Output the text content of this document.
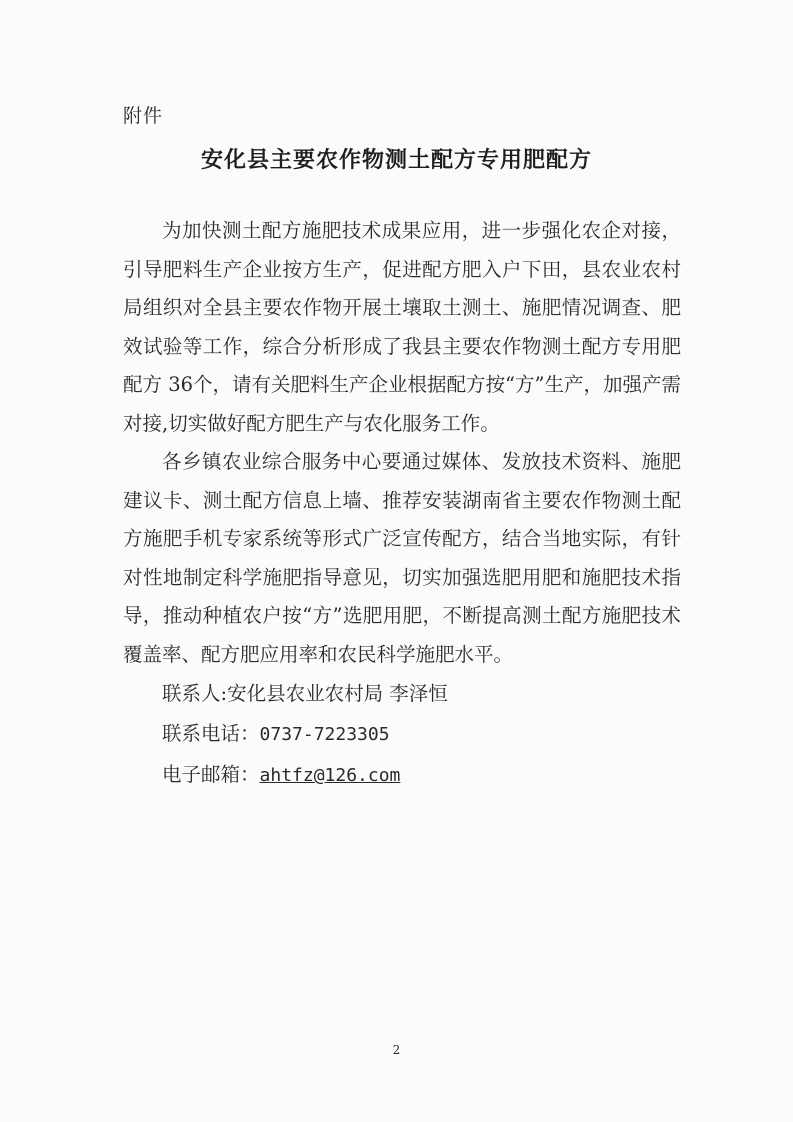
附件
安化县主要农作物测土配方专用肥配方

为加快测土配方施肥技术成果应用，进一步强化农企对接，引导肥料生产企业按方生产，促进配方肥入户下田，县农业农村局组织对全县主要农作物开展土壤取土测土、施肥情况调查、肥效试验等工作，综合分析形成了我县主要农作物测土配方专用肥配方 36个，请有关肥料生产企业根据配方按“方”生产，加强产需对接,切实做好配方肥生产与农化服务工作。

各乡镇农业综合服务中心要通过媒体、发放技术资料、施肥建议卡、测土配方信息上墙、推荐安装湖南省主要农作物测土配方施肥手机专家系统等形式广泛宣传配方，结合当地实际，有针对性地制定科学施肥指导意见，切实加强选肥用肥和施肥技术指导，推动种植农户按“方”选肥用肥，不断提高测土配方施肥技术覆盖率、配方肥应用率和农民科学施肥水平。

联系人:安化县农业农村局 李泽恒

联系电话：0737-7223305

电子邮箱：ahtfz@126.com

2
